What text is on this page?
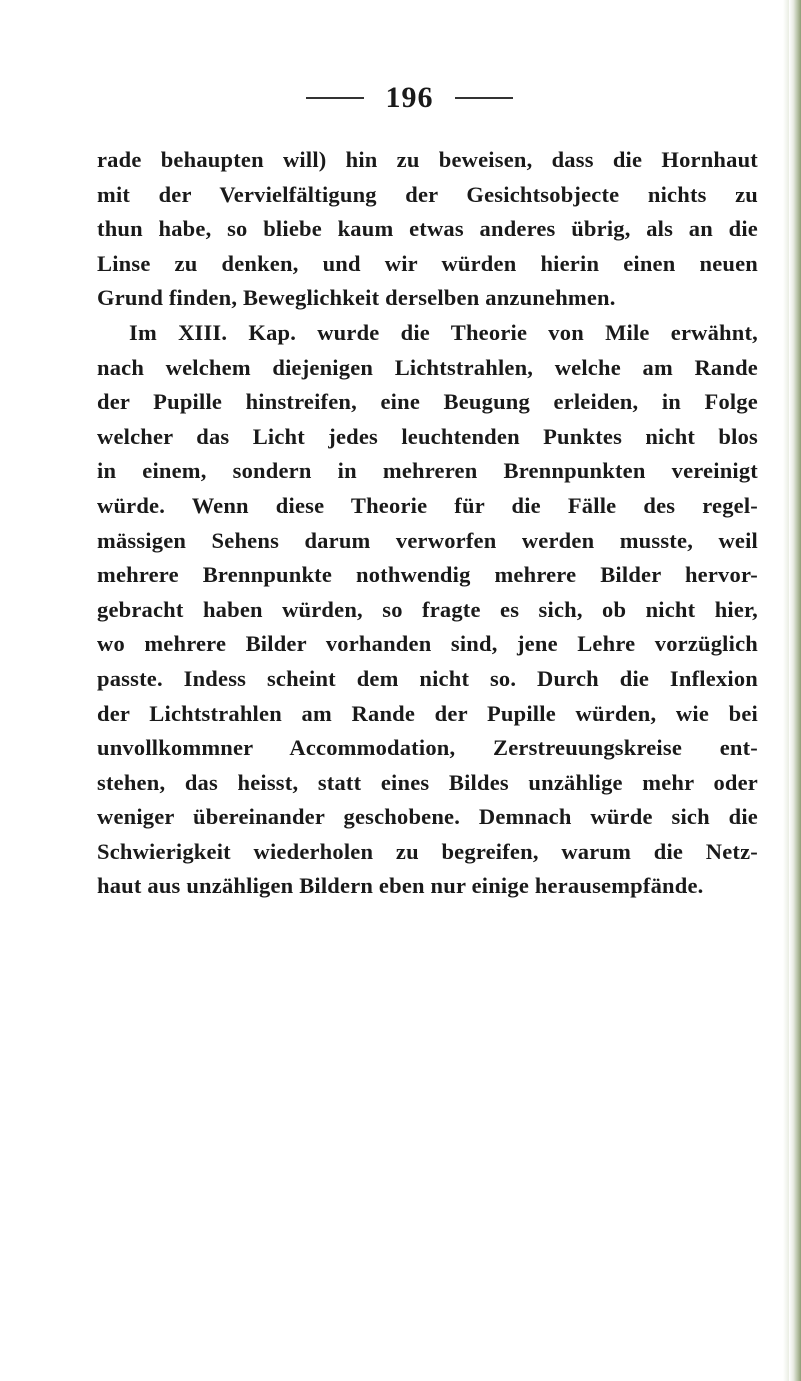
196
rade behaupten will) hin zu beweisen, dass die Hornhaut
mit der Vervielfältigung der Gesichtsobjecte nichts zu
thun habe, so bliebe kaum etwas anderes übrig, als an die
Linse zu denken, und wir würden hierin einen neuen
Grund finden, Beweglichkeit derselben anzunehmen.
Im XIII. Kap. wurde die Theorie von Mile erwähnt,
nach welchem diejenigen Lichtstrahlen, welche am Rande
der Pupille hinstreifen, eine Beugung erleiden, in Folge
welcher das Licht jedes leuchtenden Punktes nicht blos
in einem, sondern in mehreren Brennpunkten vereinigt
würde. Wenn diese Theorie für die Fälle des regel-
mässigen Sehens darum verworfen werden musste, weil
mehrere Brennpunkte nothwendig mehrere Bilder hervor-
gebracht haben würden, so fragte es sich, ob nicht hier,
wo mehrere Bilder vorhanden sind, jene Lehre vorzüglich
passte. Indess scheint dem nicht so. Durch die Inflexion
der Lichtstrahlen am Rande der Pupille würden, wie bei
unvollkommner Accommodation, Zerstreuungskreise ent-
stehen, das heisst, statt eines Bildes unzählige mehr oder
weniger übereinander geschobene. Demnach würde sich die
Schwierigkeit wiederholen zu begreifen, warum die Netz-
haut aus unzähligen Bildern eben nur einige herausempfände.
